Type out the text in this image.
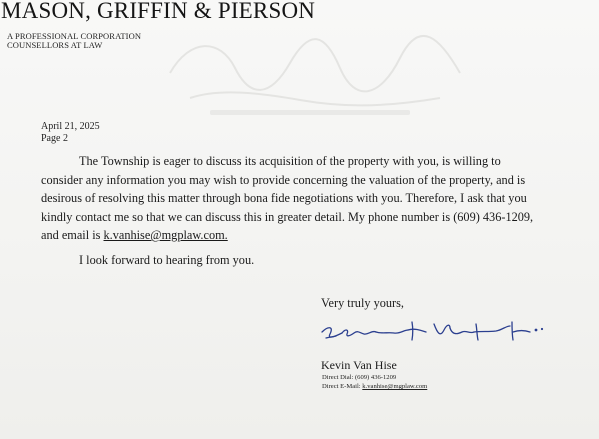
MASON, GRIFFIN & PIERSON
A PROFESSIONAL CORPORATION
COUNSELLORS AT LAW
April 21, 2025
Page 2
The Township is eager to discuss its acquisition of the property with you, is willing to
consider any information you may wish to provide concerning the valuation of the property, and is
desirous of resolving this matter through bona fide negotiations with you. Therefore, I ask that you
kindly contact me so that we can discuss this in greater detail. My phone number is (609) 436-1209,
and email is k.vanhise@mgplaw.com.
I look forward to hearing from you.
Very truly yours,
Kevin Van Hise
Direct Dial: (609) 436-1209
Direct E-Mail: k.vanhise@mgplaw.com
